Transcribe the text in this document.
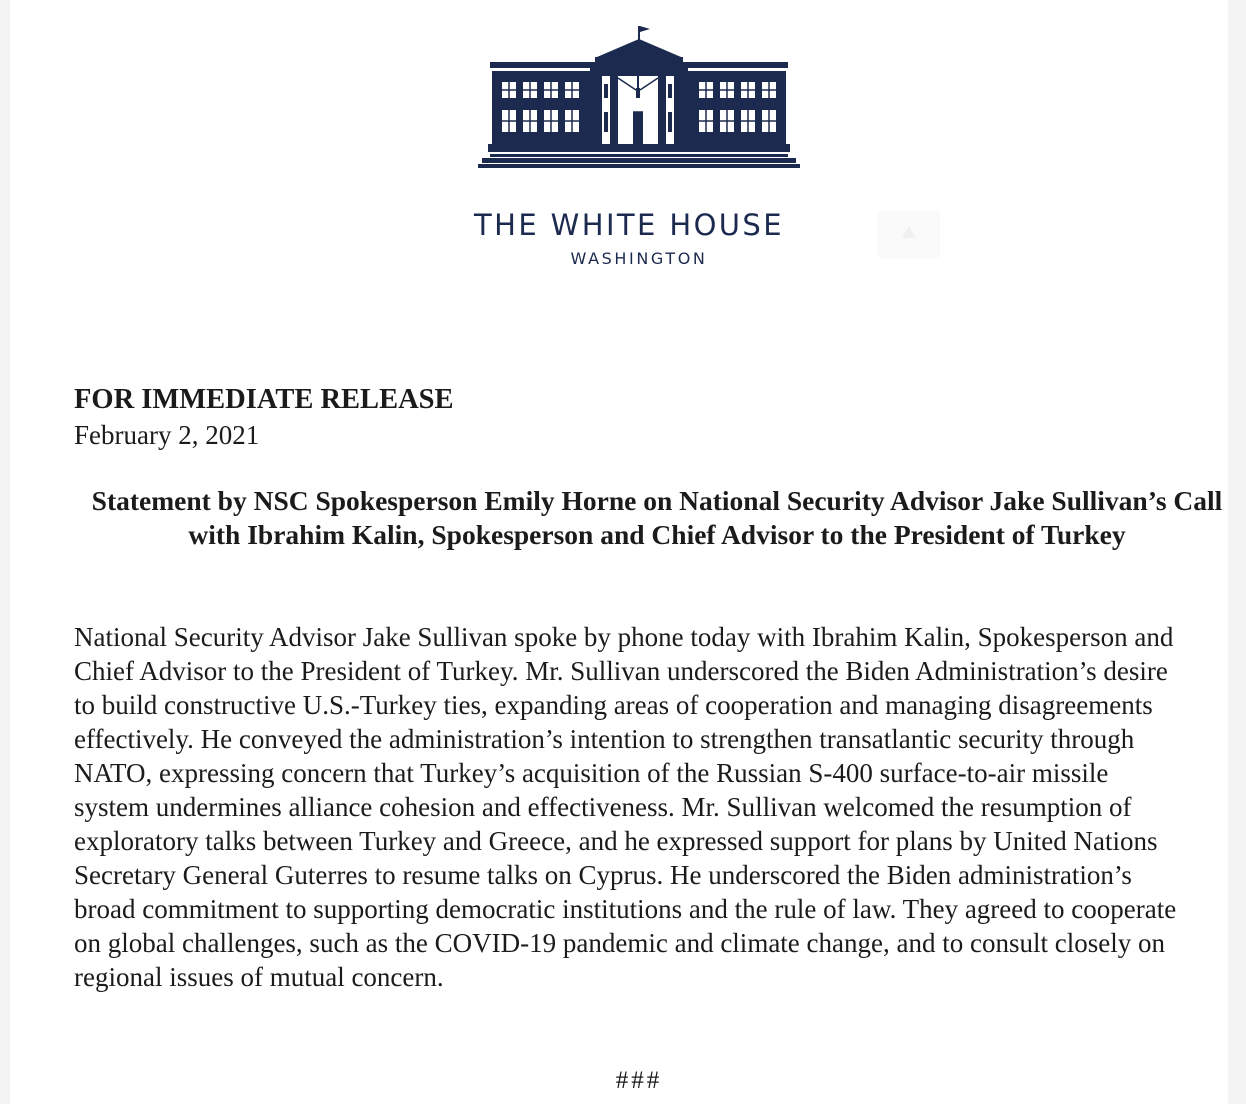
THE WHITE HOUSE
WASHINGTON

FOR IMMEDIATE RELEASE

February 2, 2021

Statement by NSC Spokesperson Emily Horne on National Security Advisor Jake Sullivan’s Call with Ibrahim Kalin, Spokesperson and Chief Advisor to the President of Turkey

National Security Advisor Jake Sullivan spoke by phone today with Ibrahim Kalin, Spokesperson and Chief Advisor to the President of Turkey. Mr. Sullivan underscored the Biden Administration’s desire to build constructive U.S.-Turkey ties, expanding areas of cooperation and managing disagreements effectively. He conveyed the administration’s intention to strengthen transatlantic security through NATO, expressing concern that Turkey’s acquisition of the Russian S-400 surface-to-air missile system undermines alliance cohesion and effectiveness. Mr. Sullivan welcomed the resumption of exploratory talks between Turkey and Greece, and he expressed support for plans by United Nations Secretary General Guterres to resume talks on Cyprus. He underscored the Biden administration’s broad commitment to supporting democratic institutions and the rule of law. They agreed to cooperate on global challenges, such as the COVID-19 pandemic and climate change, and to consult closely on regional issues of mutual concern.

###
